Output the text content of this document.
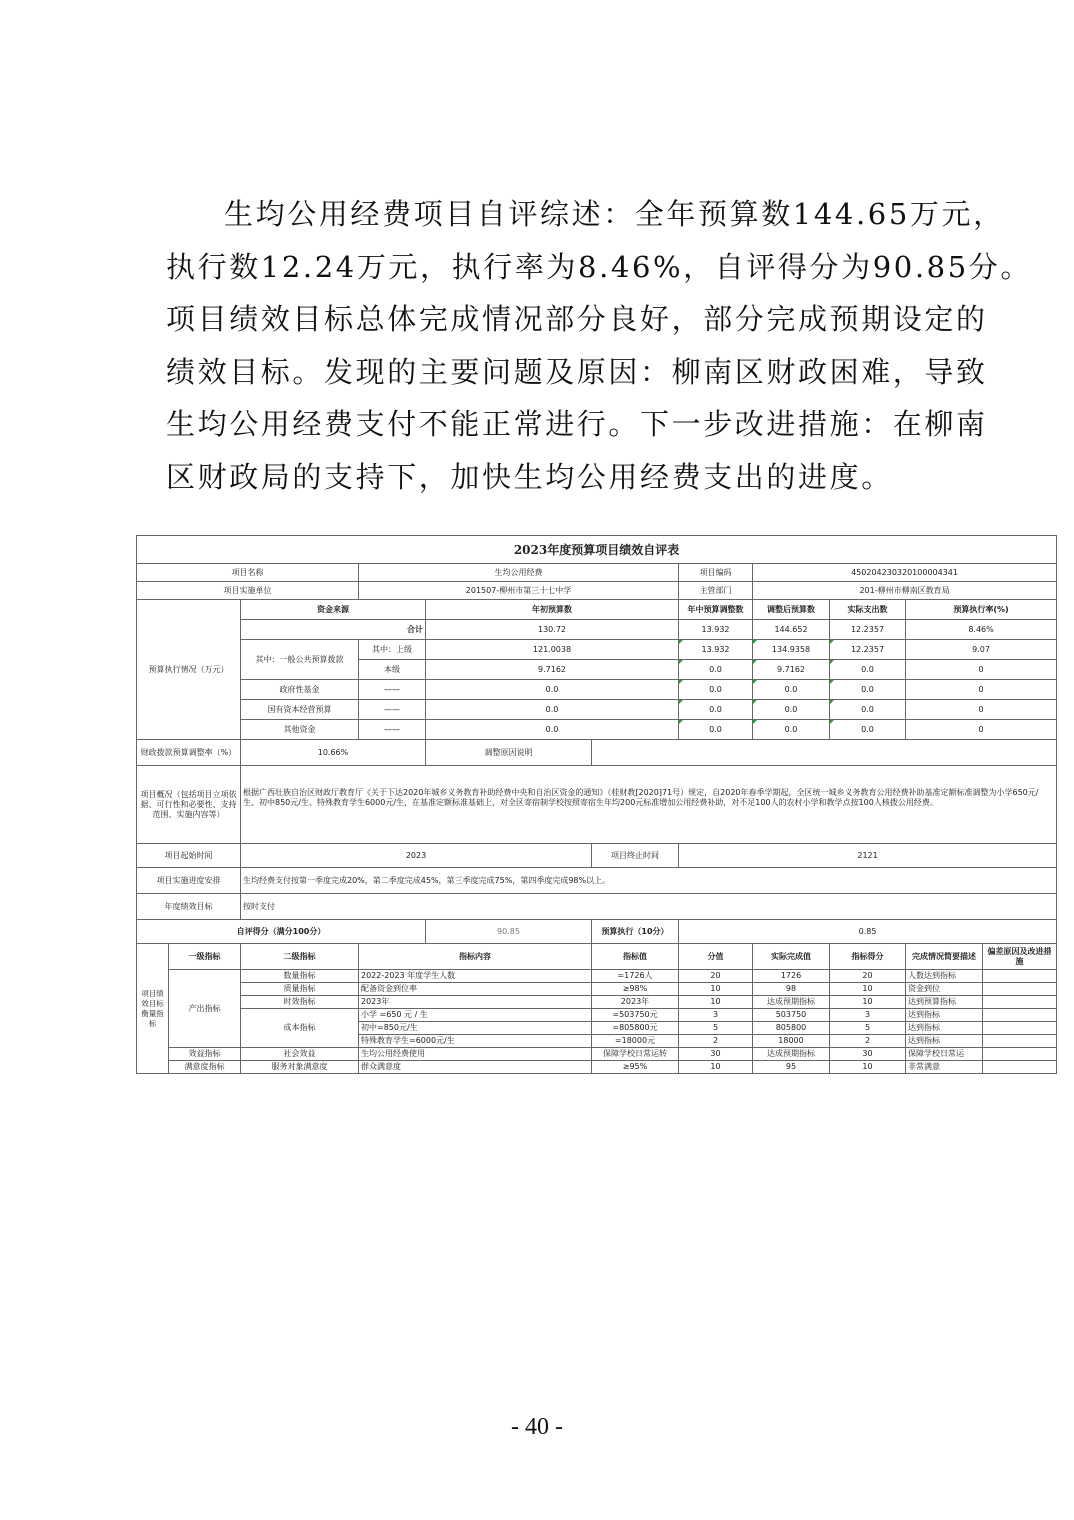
生均公用经费项目自评综述：全年预算数144.65万元，
执行数12.24万元，执行率为8.46%，自评得分为90.85分。
项目绩效目标总体完成情况部分良好，部分完成预期设定的
绩效目标。发现的主要问题及原因：柳南区财政困难，导致
生均公用经费支付不能正常进行。下一步改进措施：在柳南
区财政局的支持下，加快生均公用经费支出的进度。
2023年度预算项目绩效自评表										
项目名称			生均公用经费			项目编码	450204230320100004341			
项目实施单位			201507-柳州市第三十七中学			主管部门	201-柳州市柳南区教育局			
预算执行情况（万元）		资金来源		年初预算数		年中预算调整数	调整后预算数	实际支出数	预算执行率(%)	
		合计		130.72		13.932	144.652	12.2357	8.46%	
		其中：一般公共预算拨款	其中：上级	121.0038		13.932	134.9358	12.2357	9.07	
			本级	9.7162		0.0	9.7162	0.0	0	
		政府性基金	——	0.0		0.0	0.0	0.0	0	
		国有资本经营预算	——	0.0		0.0	0.0	0.0	0	
		其他资金	——	0.0		0.0	0.0	0.0	0	
财政拨款预算调整率（%）		10.66%		调整原因说明						
项目概况（包括项目立项依据、可行性和必要性、支持范围、实施内容等）		根据广西壮族自治区财政厅教育厅《关于下达2020年城乡义务教育补助经费中央和自治区资金的通知》（桂财教[2020]71号）规定，自2020年春季学期起，全区统一城乡义务教育公用经费补助基准定额标准调整为小学650元/生、初中850元/生、特殊教育学生6000元/生，在基准定额标准基础上，对全区寄宿制学校按照寄宿生年均200元标准增加公用经费补助，对不足100人的农村小学和教学点按100人核拨公用经费。								
项目起始时间		2023			项目终止时间	2121				
项目实施进度安排		生均经费支付按第一季度完成20%，第二季度完成45%，第三季度完成75%，第四季度完成98%以上。								
年度绩效目标		按时支付								
自评得分（满分100分）				90.85	预算执行（10分）	0.85				
项目绩效目标衡量指标	一级指标	二级指标	指标内容		指标值	分值	实际完成值	指标得分	完成情况简要描述	偏差原因及改进措施
	产出指标	数量指标	2022-2023 年度学生人数		=1726人	20	1726	20	人数达到指标	
		质量指标	配备资金到位率		≥98%	10	98	10	资金到位	
		时效指标	2023年		2023年	10	达成预期指标	10	达到预算指标	
		成本指标	小学 =650 元 / 生		=503750元	3	503750	3	达到指标	
			初中=850元/生		=805800元	5	805800	5	达到指标	
			特殊教育学生=6000元/生		=18000元	2	18000	2	达到指标	
	效益指标	社会效益	生均公用经费使用		保障学校日常运转	30	达成预期指标	30	保障学校日常运	
	满意度指标	服务对象满意度	群众满意度		≥95%	10	95	10	非常满意	
- 40 -
